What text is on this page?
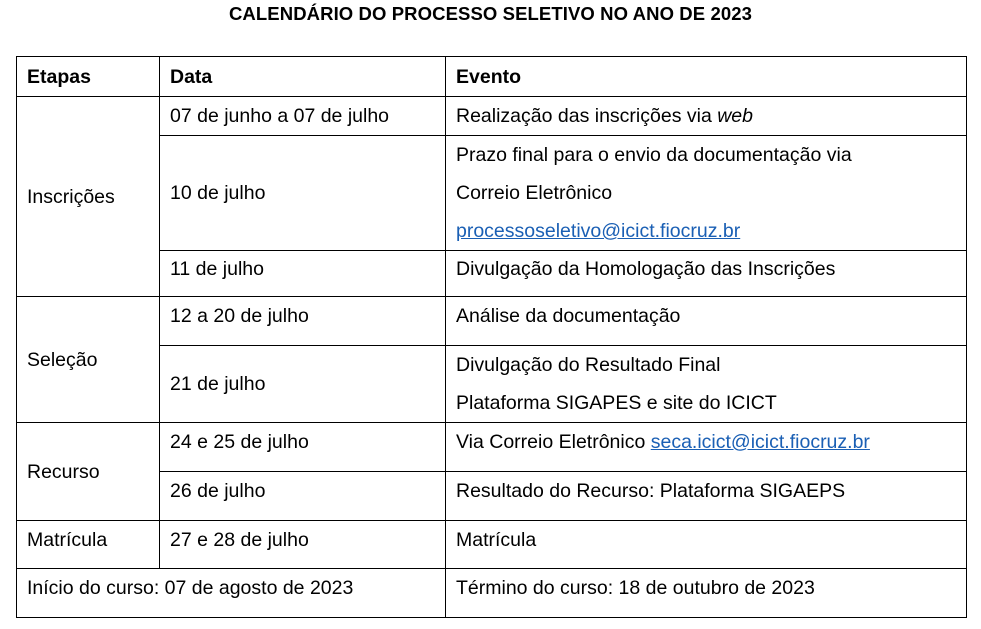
CALENDÁRIO DO PROCESSO SELETIVO NO ANO DE 2023
Etapas	Data	Evento
Inscrições	07 de junho a 07 de julho	Realização das inscrições via web
	10 de julho	Prazo final para o envio da documentação via
Correio Eletrônico
processoseletivo@icict.fiocruz.br

	11 de julho	Divulgação da Homologação das Inscrições
Seleção	12 a 20 de julho	Análise da documentação
	21 de julho	Divulgação do Resultado Final
Plataforma SIGAPES e site do ICICT

Recurso	24 e 25 de julho	Via Correio Eletrônico seca.icict@icict.fiocruz.br
	26 de julho	Resultado do Recurso: Plataforma SIGAEPS
Matrícula	27 e 28 de julho	Matrícula
Início do curso: 07 de agosto de 2023		Término do curso: 18 de outubro de 2023
